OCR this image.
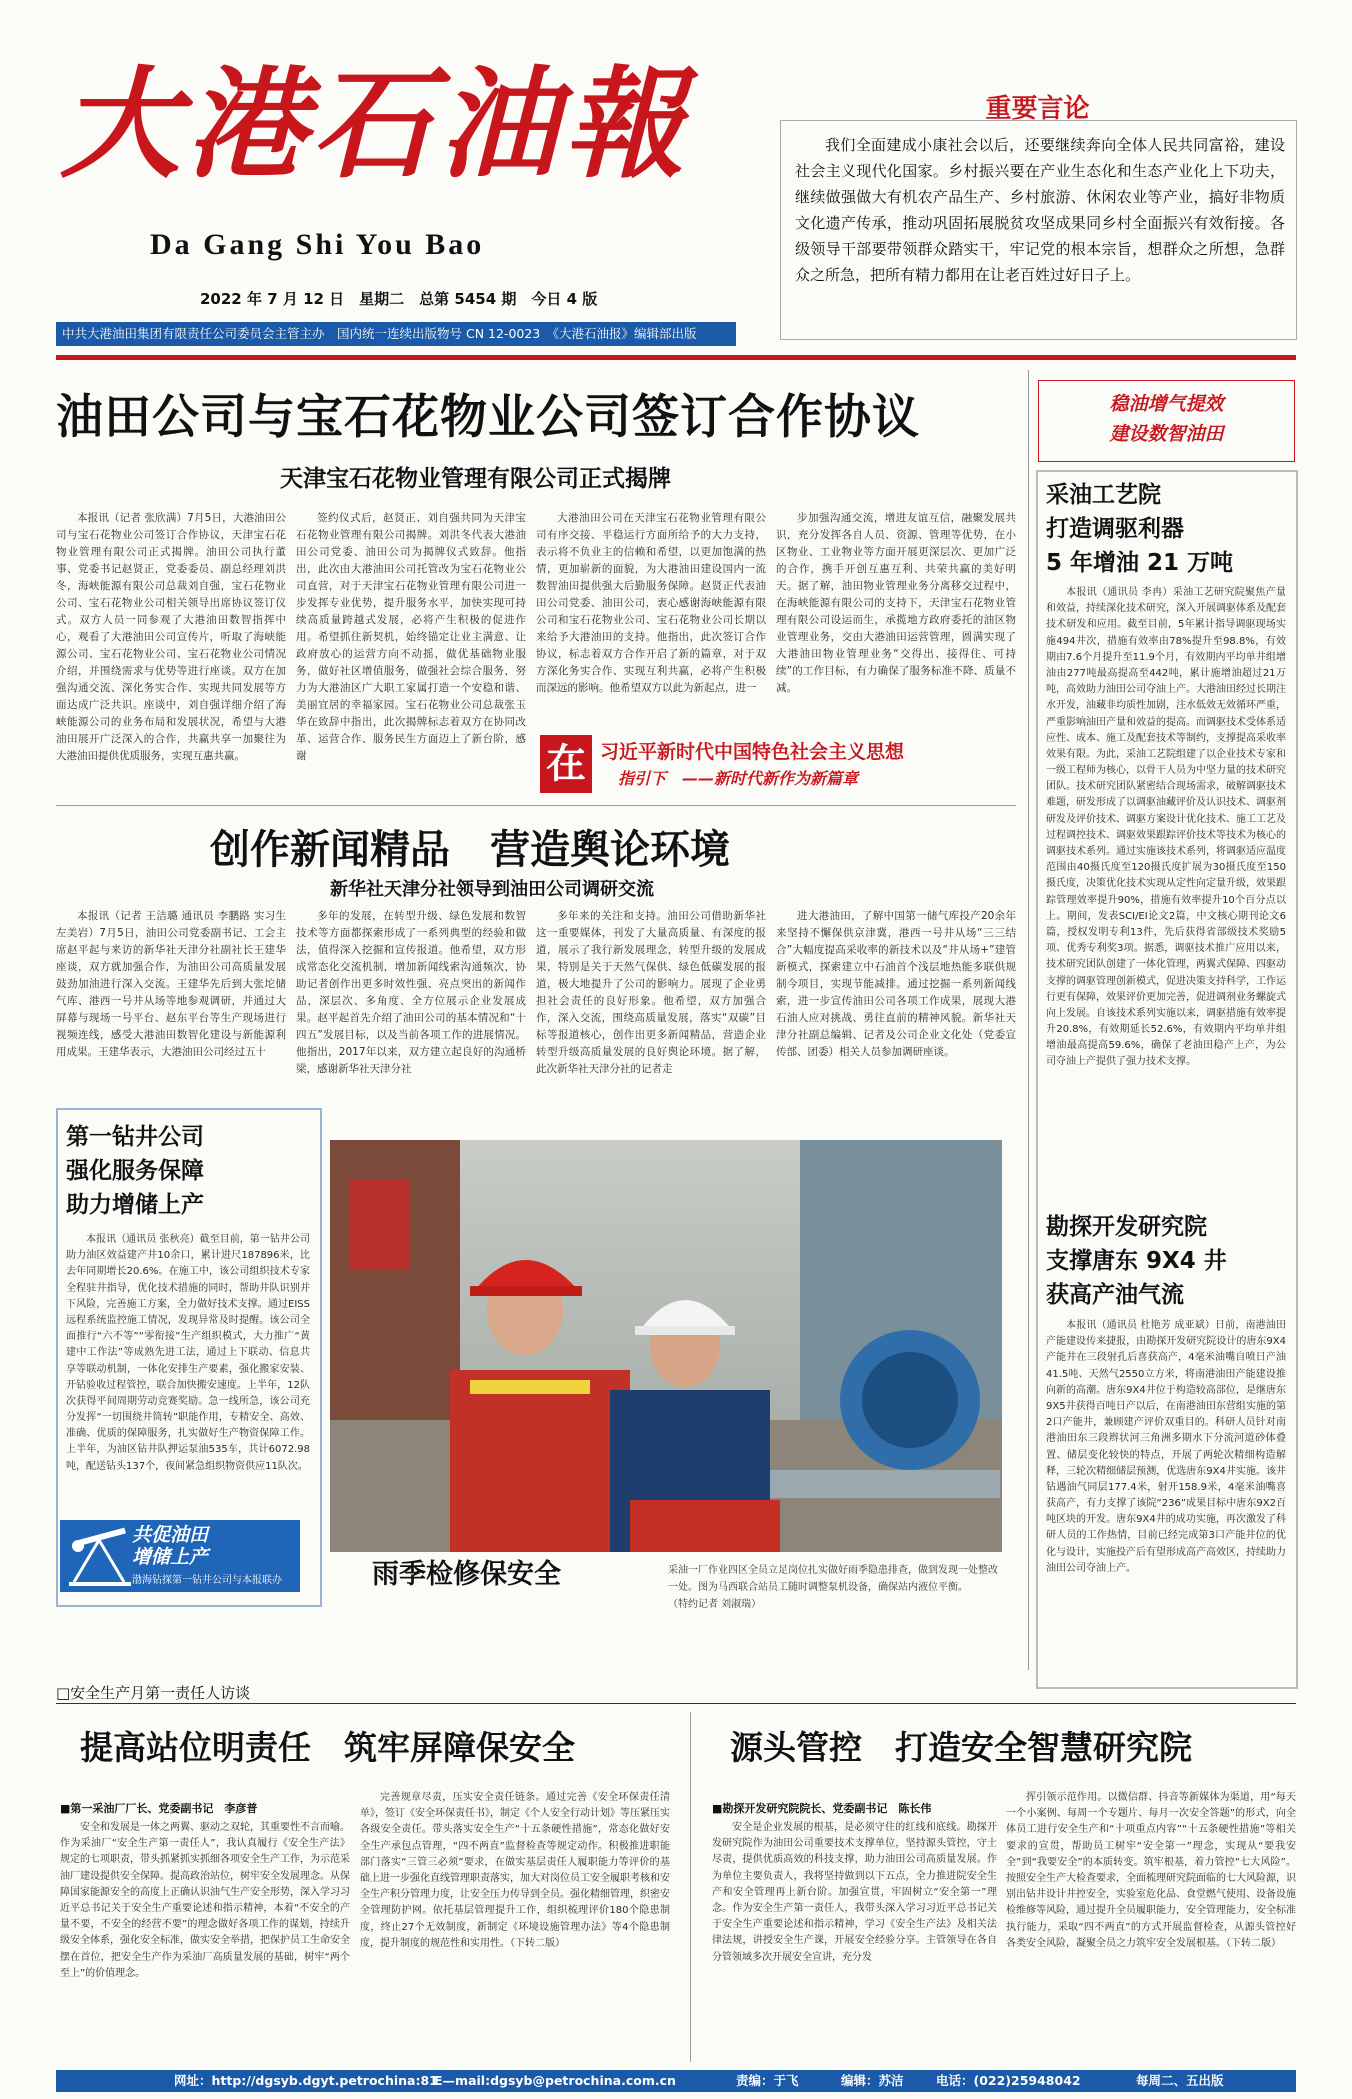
大港石油報
Da Gang Shi You Bao
2022 年 7 月 12 日　星期二　总第 5454 期　今日 4 版
中共大港油田集团有限责任公司委员会主管主办　国内统一连续出版物号 CN 12-0023　《大港石油报》编辑部出版
重要言论
我们全面建成小康社会以后，还要继续奔向全体人民共同富裕，建设社会主义现代化国家。乡村振兴要在产业生态化和生态产业化上下功夫，继续做强做大有机农产品生产、乡村旅游、休闲农业等产业，搞好非物质文化遗产传承，推动巩固拓展脱贫攻坚成果同乡村全面振兴有效衔接。各级领导干部要带领群众踏实干，牢记党的根本宗旨，想群众之所想，急群众之所急，把所有精力都用在让老百姓过好日子上。
油田公司与宝石花物业公司签订合作协议
天津宝石花物业管理有限公司正式揭牌

本报讯（记者 张欣满）7月5日，大港油田公司与宝石花物业公司签订合作协议，天津宝石花物业管理有限公司正式揭牌。油田公司执行董事、党委书记赵贤正，党委委员、副总经理刘洪冬，海峡能源有限公司总裁刘自强，宝石花物业公司、宝石花物业公司相关领导出席协议签订仪式。双方人员一同参观了大港油田数智指挥中心，观看了大港油田公司宣传片，听取了海峡能源公司、宝石花物业公司、宝石花物业公司情况介绍，并围绕需求与优势等进行座谈。双方在加强沟通交流、深化务实合作、实现共同发展等方面达成广泛共识。座谈中，刘自强详细介绍了海峡能源公司的业务布局和发展状况，希望与大港油田展开广泛深入的合作，共赢共享一加聚往为大港油田提供优质服务，实现互惠共赢。

签约仪式后，赵贤正、刘自强共同为天津宝石花物业管理有限公司揭牌。刘洪冬代表大港油田公司党委、油田公司为揭牌仪式致辞。他指出，此次由大港油田公司托管改为宝石花物业公司直营，对于天津宝石花物业管理有限公司进一步发挥专业优势，提升服务水平，加快实现可持续高质量跨越式发展，必将产生积极的促进作用。希望抓住新契机，始终锚定让业主满意、让政府放心的运营方向不动摇，做优基础物业服务，做好社区增值服务，做强社会综合服务，努力为大港油区广大职工家属打造一个安稳和谐、美丽宜居的幸福家园。宝石花物业公司总裁张玉华在致辞中指出，此次揭牌标志着双方在协同改革、运营合作、服务民生方面迈上了新台阶，感谢

大港油田公司在天津宝石花物业管理有限公司有序交接、平稳运行方面所给予的大力支持，表示将不负业主的信赖和希望，以更加饱满的热情，更加崭新的面貌，为大港油田建设国内一流数智油田提供强大后勤服务保障。赵贤正代表油田公司党委、油田公司，衷心感谢海峡能源有限公司和宝石花物业公司、宝石花物业公司长期以来给予大港油田的支持。他指出，此次签订合作协议，标志着双方合作开启了新的篇章，对于双方深化务实合作、实现互利共赢，必将产生积极而深远的影响。他希望双方以此为新起点，进一

步加强沟通交流，增进友谊互信，融聚发展共识，充分发挥各自人员、资源、管理等优势，在小区物业、工业物业等方面开展更深层次、更加广泛的合作，携手开创互惠互利、共荣共赢的美好明天。据了解，油田物业管理业务分离移交过程中，在海峡能源有限公司的支持下，天津宝石花物业管理有限公司设运而生，承揽地方政府委托的油区物业管理业务，交由大港油田运营管理，圆满实现了大港油田物业管理业务“交得出、接得住、可持续”的工作目标，有力确保了服务标准不降、质量不减。

在 习近平新时代中国特色社会主义思想
指引下　——新时代新作为新篇章
创作新闻精品　营造舆论环境
新华社天津分社领导到油田公司调研交流

本报讯（记者 王洁璐 通讯员 李鹏路 实习生 左美岩）7月5日，油田公司党委副书记、工会主席赵平起与来访的新华社天津分社副社长王建华座谈，双方就加强合作，为油田公司高质量发展鼓劲加油进行深入交流。王建华先后到大张坨储气库、港西一号井从场等地参观调研，并通过大屏幕与现场一号平台、赵东平台等生产现场进行视频连线，感受大港油田数智化建设与新能源利用成果。王建华表示，大港油田公司经过五十

多年的发展，在转型升级、绿色发展和数智技术等方面都探索形成了一系列典型的经验和做法，值得深入挖掘和宣传报道。他希望，双方形成常态化交流机制，增加新闻线索沟通频次，协助记者创作出更多时效性强、亮点突出的新闻作品，深层次、多角度、全方位展示企业发展成果。赵平起首先介绍了油田公司的基本情况和“十四五”发展目标，以及当前各项工作的进展情况。他指出，2017年以来，双方建立起良好的沟通桥梁，感谢新华社天津分社

多年来的关注和支持。油田公司借助新华社这一重要媒体，刊发了大量高质量、有深度的报道，展示了我行新发展理念，转型升级的发展成果，特别是关于天然气保供、绿色低碳发展的报道，极大地提升了公司的影响力。展现了企业勇担社会责任的良好形象。他希望，双方加强合作，深入交流，围绕高质量发展，落实“双碳”目标等报道核心，创作出更多新闻精品，营造企业转型升级高质量发展的良好舆论环境。据了解，此次新华社天津分社的记者走

进大港油田，了解中国第一储气库投产20余年来坚持不懈保供京津冀，港西一号井从场“三三结合”大幅度提高采收率的新技术以及“井从场+”建管新模式，探索建立中石油首个浅层地热能多联供规制今项目，实现节能减排。通过挖掘一系列新闻线索，进一步宣传油田公司各项工作成果，展现大港石油人应对挑战、勇往直前的精神风貌。新华社天津分社副总编辑、记者及公司企业文化处（党委宣传部、团委）相关人员参加调研座谈。

第一钻井公司
强化服务保障
助力增储上产

本报讯（通讯员 张秋亮）截至目前，第一钻井公司助力油区效益建产井10余口，累计进尺187896米，比去年同期增长20.6%。在施工中，该公司组织技术专家全程驻井指导，优化技术措施的同时，帮助井队识别并下风险，完善施工方案，全力做好技术支撑。通过EISS远程系统监控施工情况，发现异常及时提醒。该公司全面推行“六不等”“零衔接”生产组织模式，大力推广“黄建中工作法”等成熟先进工法，通过上下联动、信息共享等联动机制，一体化安排生产要素，强化搬家安装、开钻验收过程管控，联合加快搬安速度。上半年，12队次获得平间周期劳动竞赛奖励。急一线所急，该公司充分发挥“一切围绕井筒转”职能作用，专精安全、高效、准确、优质的保障服务，扎实做好生产物资保障工作。上半年，为油区钻井队押运泵油535车，共计6072.98吨，配送钻头137个，夜间紧急组织物资供应11队次。

共促油田
增储上产
渤海钻探第一钻井公司与本报联办	雨季检修保安全	采油一厂作业四区全员立足岗位扎实做好雨季隐患排查，做到发现一处整改一处。图为马西联合站员工随时调整泵机设备，确保站内液位平衡。　　　　（特约记者 刘淑瑞）
稳油增气提效
建设数智油田
采油工艺院
打造调驱利器
5 年增油 21 万吨

本报讯（通讯员 李冉）采油工艺研究院聚焦产量和效益，持续深化技术研究，深入开展调驱体系及配套技术研发和应用。截至目前，5年累计指导调驱现场实施494井次，措施有效率由78%提升至98.8%，有效期由7.6个月提升至11.9个月，有效期内平均单井组增油由277吨最高提高至442吨，累计施增油超过21万吨，高效助力油田公司夺油上产。大港油田经过长期注水开发，油藏非均质性加剧，注水低效无效循环严重，严重影响油田产量和效益的提高。而调驱技术受体系适应性、成本、施工及配套技术等制约，支撑提高采收率效果有限。为此，采油工艺院组建了以企业技术专家和一级工程师为核心，以骨干人员为中坚力量的技术研究团队。技术研究团队紧密结合现场需求，破解调驱技术难题，研发形成了以调驱油藏评价及认识技术、调驱剂研发及评价技术、调驱方案设计优化技术、施工工艺及过程调控技术、调驱效果跟踪评价技术等技术为核心的调驱技术系列。通过实施该技术系列，将调驱适应温度范围由40摄氏度至120摄氏度扩展为30摄氏度至150摄氏度，决策优化技术实现从定性向定量升级，效果跟踪管理效率提升90%，措施有效率提升10个百分点以上。期间，发表SCI/EI论文2篇，中文核心期刊论文6篇，授权发明专利13件，先后获得省部级技术奖励5项、优秀专利奖3项。据悉，调驱技术推广应用以来，技术研究团队创建了一体化管理，两翼式保障、四驱动支撑的调驱管理创新模式，促进决策支持科学，工作运行更有保障，效果评价更加完善，促进调剂业务螺旋式向上发展。自该技术系列实施以来，调驱措施有效率提升20.8%，有效期延长52.6%，有效期内平均单井组增油最高提高59.6%，确保了老油田稳产上产，为公司夺油上产提供了强力技术支撑。

勘探开发研究院
支撑唐东 9X4 井
获高产油气流

本报讯（通讯员 杜艳芳 成亚斌）日前，南港油田产能建设传来捷报，由勘探开发研究院设计的唐东9X4产能井在三段射孔后喜获高产，4毫米油嘴自喷日产油41.5吨、天然气2550立方米，将南港油田产能建设推向新的高潮。唐东9X4井位于构造较高部位，是继唐东9X5井获得百吨日产以后，在南港油田东营组实施的第2口产能井，兼顾建产评价双重目的。科研人员针对南港油田东三段辫状河三角洲多期水下分流河道砂体叠置、储层变化较快的特点，开展了两轮次精细构造解释，三轮次精细储层预测，优选唐东9X4井实施。该井钻遇油气同层177.4米，射开158.9米，4毫米油嘴喜获高产，有力支撑了该院“236”成果目标中唐东9X2百吨区块的开发。唐东9X4井的成功实施，再次激发了科研人员的工作热情，目前已经完成第3口产能井位的优化与设计，实施投产后有望形成高产高效区，持续助力油田公司夺油上产。

□安全生产月第一责任人访谈
提高站位明责任　筑牢屏障保安全
■第一采油厂厂长、党委副书记　李彦普

安全和发展是一体之两翼、驱动之双轮，其重要性不言而喻。作为采油厂“安全生产第一责任人”，我认真履行《安全生产法》规定的七项职责，带头抓紧抓实抓细各项安全生产工作，为示范采油厂建设提供安全保障。提高政治站位，树牢安全发展理念。从保障国家能源安全的高度上正确认识油气生产安全形势，深入学习习近平总书记关于安全生产重要论述和指示精神，本着“不安全的产量不要，不安全的经营不要”的理念做好各项工作的谋划，持续升级安全体系，强化安全标准，做实安全举措，把保护员工生命安全摆在首位，把安全生产作为采油厂高质量发展的基础，树牢“两个至上”的价值理念。

完善规章尽责，压实安全责任链条。通过完善《安全环保责任清单》，签订《安全环保责任书》，制定《个人安全行动计划》等压紧压实各级安全责任。带头落实安全生产“十五条硬性措施”，常态化做好安全生产承包点管理，“四不两直”监督检查等规定动作。积极推进职能部门落实“三管三必须”要求，在做实基层责任人履职能力等评价的基础上进一步强化直线管理职责落实，加大对岗位员工安全履职考核和安全生产积分管理力度，让安全压力传导到全员。强化精细管理，织密安全管理防护网。依托基层管理提升工作，组织梳理评价180个隐患制度，终止27个无效制度，新制定《环境设施管理办法》等4个隐患制度，提升制度的规范性和实用性。（下转二版）

源头管控　打造安全智慧研究院
■勘探开发研究院院长、党委副书记　陈长伟

安全是企业发展的根基，是必须守住的红线和底线。勘探开发研究院作为油田公司重要技术支撑单位，坚持源头管控，守土尽责，提供优质高效的科技支撑，助力油田公司高质量发展。作为单位主要负责人，我将坚持做到以下五点，全力推进院安全生产和安全管理再上新台阶。加强宣贯，牢固树立“安全第一”理念。作为安全生产第一责任人，我带头深入学习习近平总书记关于安全生产重要论述和指示精神，学习《安全生产法》及相关法律法规，讲授安全生产课，开展安全经验分享。主管领导在各自分管领域多次开展安全宣讲，充分发

挥引领示范作用。以微信群、抖音等新媒体为渠道，用“每天一个小案例、每周一个专题片、每月一次安全答题”的形式，向全体员工进行安全生产和“十项重点内容”“十五条硬性措施”等相关要求的宣贯，帮助员工树牢“安全第一”理念，实现从“要我安全”到“我要安全”的本质转变。筑牢根基，着力管控“七大风险”。按照安全生产大检查要求，全面梳理研究院面临的七大风险源，识别出钻井设计井控安全，实验室危化品、食堂燃气使用、设备设施检维修等风险，通过提升全员履职能力，安全管理能力，安全标准执行能力，采取“四不两直”的方式开展监督检查，从源头管控好各类安全风险，凝聚全员之力筑牢安全发展根基。（下转二版）

网址：http://dgsyb.dgyt.petrochina:81
E—mail:dgsyb@petrochina.com.cn	责编：于飞	编辑：苏洁	电话：(022)25948042	每周二、五出版
